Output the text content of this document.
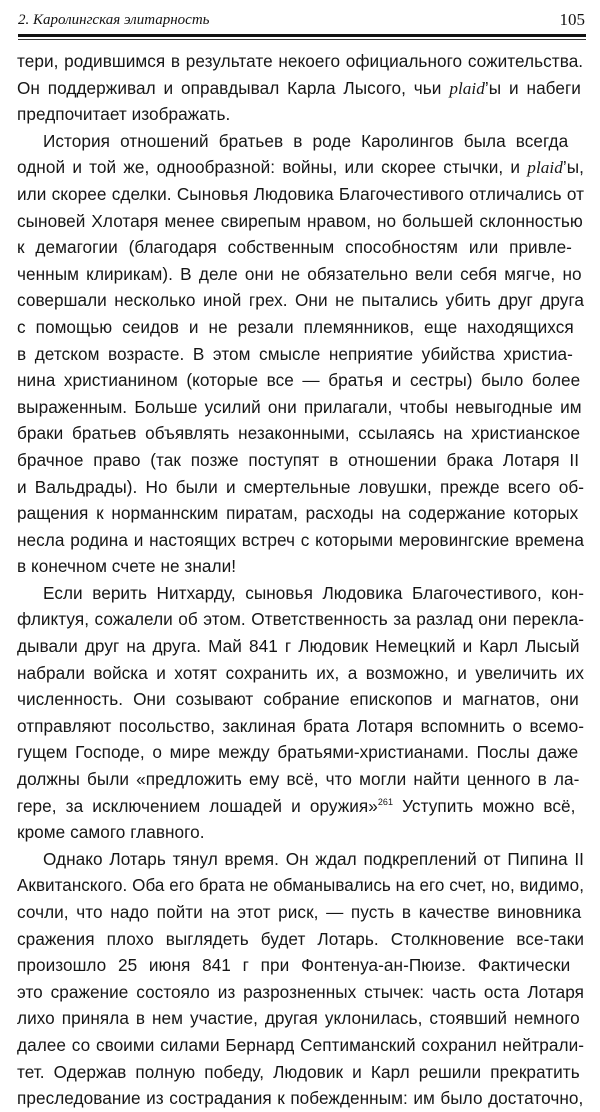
2. Каролингская элитарность	105
тери, родившимся в результате некоего официального сожительства.
Он поддерживал и оправдывал Карла Лысого, чьи plaid’ы и набеги
предпочитает изображать.
История отношений братьев в роде Каролингов была всегда
одной и той же, однообразной: войны, или скорее стычки, и plaid’ы,
или скорее сделки. Сыновья Людовика Благочестивого отличались от
сыновей Хлотаря менее свирепым нравом, но большей склонностью
к демагогии (благодаря собственным способностям или привле-
ченным клирикам). В деле они не обязательно вели себя мягче, но
совершали несколько иной грех. Они не пытались убить друг друга
с помощью сеидов и не резали племянников, еще находящихся
в детском возрасте. В этом смысле неприятие убийства христиа-
нина христианином (которые все — братья и сестры) было более
выраженным. Больше усилий они прилагали, чтобы невыгодные им
браки братьев объявлять незаконными, ссылаясь на христианское
брачное право (так позже поступят в отношении брака Лотаря II
и Вальдрады). Но были и смертельные ловушки, прежде всего об-
ращения к норманнским пиратам, расходы на содержание которых
несла родина и настоящих встреч с которыми меровингские времена
в конечном счете не знали!
Если верить Нитхарду, сыновья Людовика Благочестивого, кон-
фликтуя, сожалели об этом. Ответственность за разлад они перекла-
дывали друг на друга. Май 841 г Людовик Немецкий и Карл Лысый
набрали войска и хотят сохранить их, а возможно, и увеличить их
численность. Они созывают собрание епископов и магнатов, они
отправляют посольство, заклиная брата Лотаря вспомнить о всемо-
гущем Господе, о мире между братьями-христианами. Послы даже
должны были «предложить ему всё, что могли найти ценного в ла-
гере, за исключением лошадей и оружия»$^{261}$ Уступить можно всё,
кроме самого главного.
Однако Лотарь тянул время. Он ждал подкреплений от Пипина II
Аквитанского. Оба его брата не обманывались на его счет, но, видимо,
сочли, что надо пойти на этот риск, — пусть в качестве виновника
сражения плохо выглядеть будет Лотарь. Столкновение все-таки
произошло 25 июня 841 г при Фонтенуа-ан-Пюизе. Фактически
это сражение состояло из разрозненных стычек: часть оста Лотаря
лихо приняла в нем участие, другая уклонилась, стоявший немного
далее со своими силами Бернард Септиманский сохранил нейтрали-
тет. Одержав полную победу, Людовик и Карл решили прекратить
преследование из сострадания к побежденным: им было достаточно,
